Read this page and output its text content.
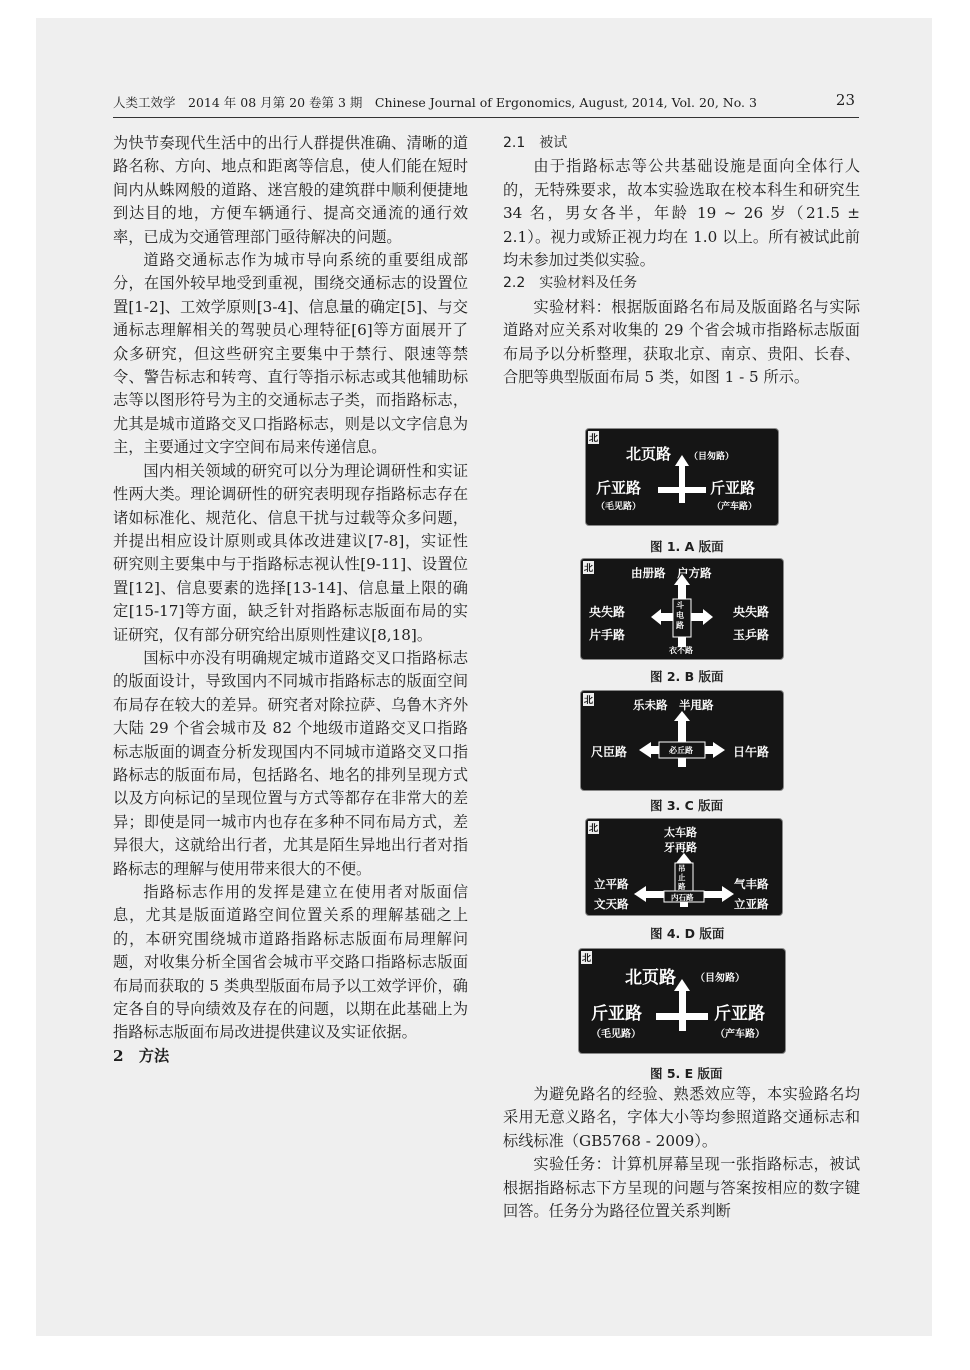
人类工效学　2014 年 08 月第 20 卷第 3 期　Chinese Journal of Ergonomics, August, 2014, Vol. 20, No. 3	23

为快节奏现代生活中的出行人群提供准确、清晰的道路名称、方向、地点和距离等信息，使人们能在短时间内从蛛网般的道路、迷宫般的建筑群中顺利便捷地到达目的地，方便车辆通行、提高交通流的通行效率，已成为交通管理部门亟待解决的问题。

道路交通标志作为城市导向系统的重要组成部分，在国外较早地受到重视，围绕交通标志的设置位置[1-2]、工效学原则[3-4]、信息量的确定[5]、与交通标志理解相关的驾驶员心理特征[6]等方面展开了众多研究，但这些研究主要集中于禁行、限速等禁令、警告标志和转弯、直行等指示标志或其他辅助标志等以图形符号为主的交通标志子类，而指路标志，尤其是城市道路交叉口指路标志，则是以文字信息为主，主要通过文字空间布局来传递信息。

国内相关领域的研究可以分为理论调研性和实证性两大类。理论调研性的研究表明现存指路标志存在诸如标准化、规范化、信息干扰与过载等众多问题，并提出相应设计原则或具体改进建议[7-8]，实证性研究则主要集中与于指路标志视认性[9-11]、设置位置[12]、信息要素的选择[13-14]、信息量上限的确定[15-17]等方面，缺乏针对指路标志版面布局的实证研究，仅有部分研究给出原则性建议[8,18]。

国标中亦没有明确规定城市道路交叉口指路标志的版面设计，导致国内不同城市指路标志的版面空间布局存在较大的差异。研究者对除拉萨、乌鲁木齐外大陆 29 个省会城市及 82 个地级市道路交叉口指路标志版面的调查分析发现国内不同城市道路交叉口指路标志的版面布局，包括路名、地名的排列呈现方式以及方向标记的呈现位置与方式等都存在非常大的差异；即使是同一城市内也存在多种不同布局方式，差异很大，这就给出行者，尤其是陌生异地出行者对指路标志的理解与使用带来很大的不便。

指路标志作用的发挥是建立在使用者对版面信息，尤其是版面道路空间位置关系的理解基础之上的，本研究围绕城市道路指路标志版面布局理解问题，对收集分析全国省会城市平交路口指路标志版面布局而获取的 5 类典型版面布局予以工效学评价，确定各自的导向绩效及存在的问题，以期在此基础上为指路标志版面布局改进提供建议及实证依据。

2　方法

2.1　被试

由于指路标志等公共基础设施是面向全体行人的，无特殊要求，故本实验选取在校本科生和研究生 34 名，男女各半，年龄 19 ~ 26 岁（21.5 ± 2.1）。视力或矫正视力均在 1.0 以上。所有被试此前均未参加过类似实验。

2.2　实验材料及任务

实验材料：根据版面路名布局及版面路名与实际道路对应关系对收集的 29 个省会城市指路标志版面布局予以分析整理，获取北京、南京、贵阳、长春、合肥等典型版面布局 5 类，如图 1 - 5 所示。

为避免路名的经验、熟悉效应等，本实验路名均采用无意义路名，字体大小等均参照道路交通标志和标线标准（GB5768 - 2009）。

实验任务：计算机屏幕呈现一张指路标志，被试根据指路标志下方呈现的问题与答案按相应的数字键回答。任务分为路径位置关系判断

北
北页路 （目匆路）
斤亚路
（毛见路）
斤亚路
（产车路）
图 1. A 版面
北	由册路　户方路
央失路
片手路
央失路
玉乒路
斗电路
衣不路
图 2. B 版面
北	乐未路　半甩路
尺臣路	必丘路	日午路
图 3. C 版面
北	太车路
牙再路
立平路
文天路
气丰路
立亚路
吊止路
内石路
图 4. D 版面
北
北页路 （目匆路）
斤亚路
（毛见路）
斤亚路
（产车路）
图 5. E 版面
